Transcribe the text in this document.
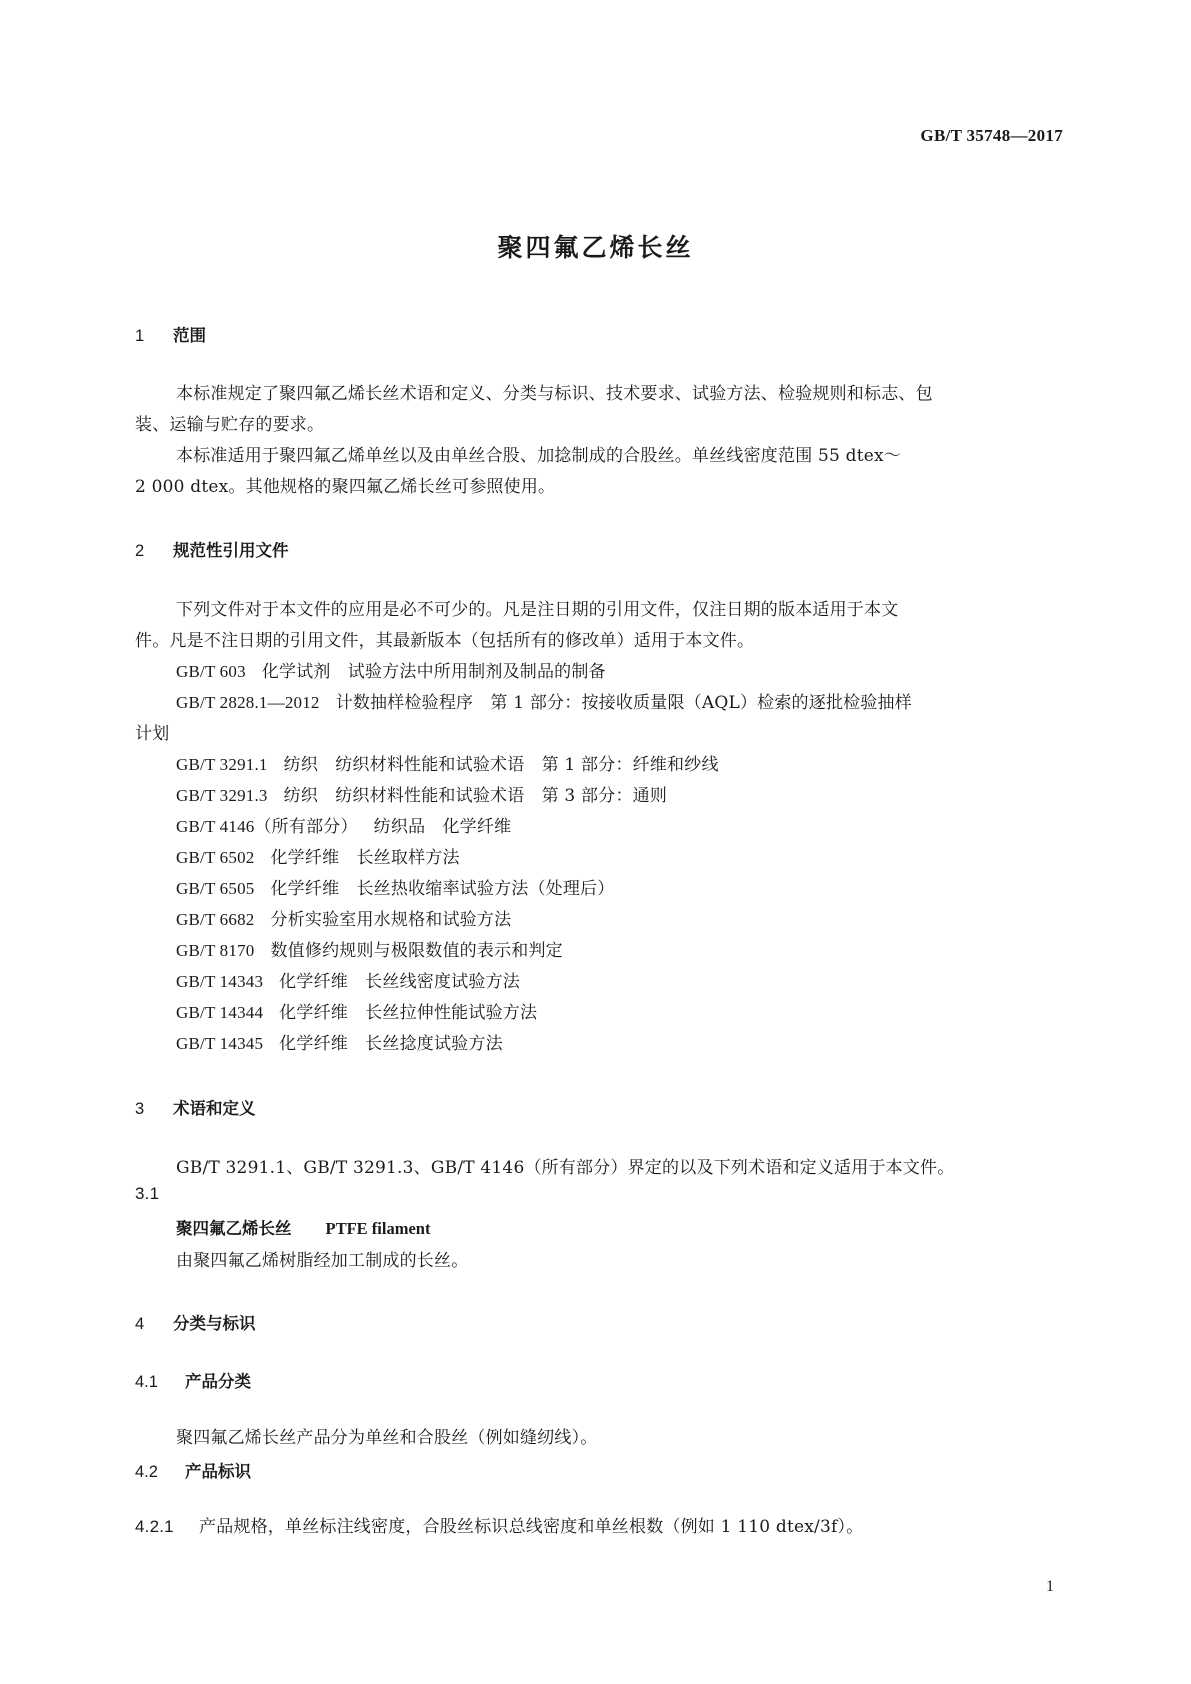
GB/T 35748—2017
聚四氟乙烯长丝
1 范围
本标准规定了聚四氟乙烯长丝术语和定义、分类与标识、技术要求、试验方法、检验规则和标志、包
装、运输与贮存的要求。
本标准适用于聚四氟乙烯单丝以及由单丝合股、加捻制成的合股丝。单丝线密度范围 55 dtex～
2 000 dtex。其他规格的聚四氟乙烯长丝可参照使用。
2 规范性引用文件
下列文件对于本文件的应用是必不可少的。凡是注日期的引用文件，仅注日期的版本适用于本文
件。凡是不注日期的引用文件，其最新版本（包括所有的修改单）适用于本文件。
GB/T 603 化学试剂　试验方法中所用制剂及制品的制备
GB/T 2828.1—2012 计数抽样检验程序　第 1 部分：按接收质量限（AQL）检索的逐批检验抽样
计划
GB/T 3291.1 纺织　纺织材料性能和试验术语　第 1 部分：纤维和纱线
GB/T 3291.3 纺织　纺织材料性能和试验术语　第 3 部分：通则
GB/T 4146（所有部分） 纺织品　化学纤维
GB/T 6502 化学纤维　长丝取样方法
GB/T 6505 化学纤维　长丝热收缩率试验方法（处理后）
GB/T 6682 分析实验室用水规格和试验方法
GB/T 8170 数值修约规则与极限数值的表示和判定
GB/T 14343 化学纤维　长丝线密度试验方法
GB/T 14344 化学纤维　长丝拉伸性能试验方法
GB/T 14345 化学纤维　长丝捻度试验方法
3 术语和定义
GB/T 3291.1、GB/T 3291.3、GB/T 4146（所有部分）界定的以及下列术语和定义适用于本文件。
3.1
聚四氟乙烯长丝 PTFE filament
由聚四氟乙烯树脂经加工制成的长丝。
4 分类与标识
4.1 产品分类
聚四氟乙烯长丝产品分为单丝和合股丝（例如缝纫线）。
4.2 产品标识
4.2.1 产品规格，单丝标注线密度，合股丝标识总线密度和单丝根数（例如 1 110 dtex/3f）。
1
